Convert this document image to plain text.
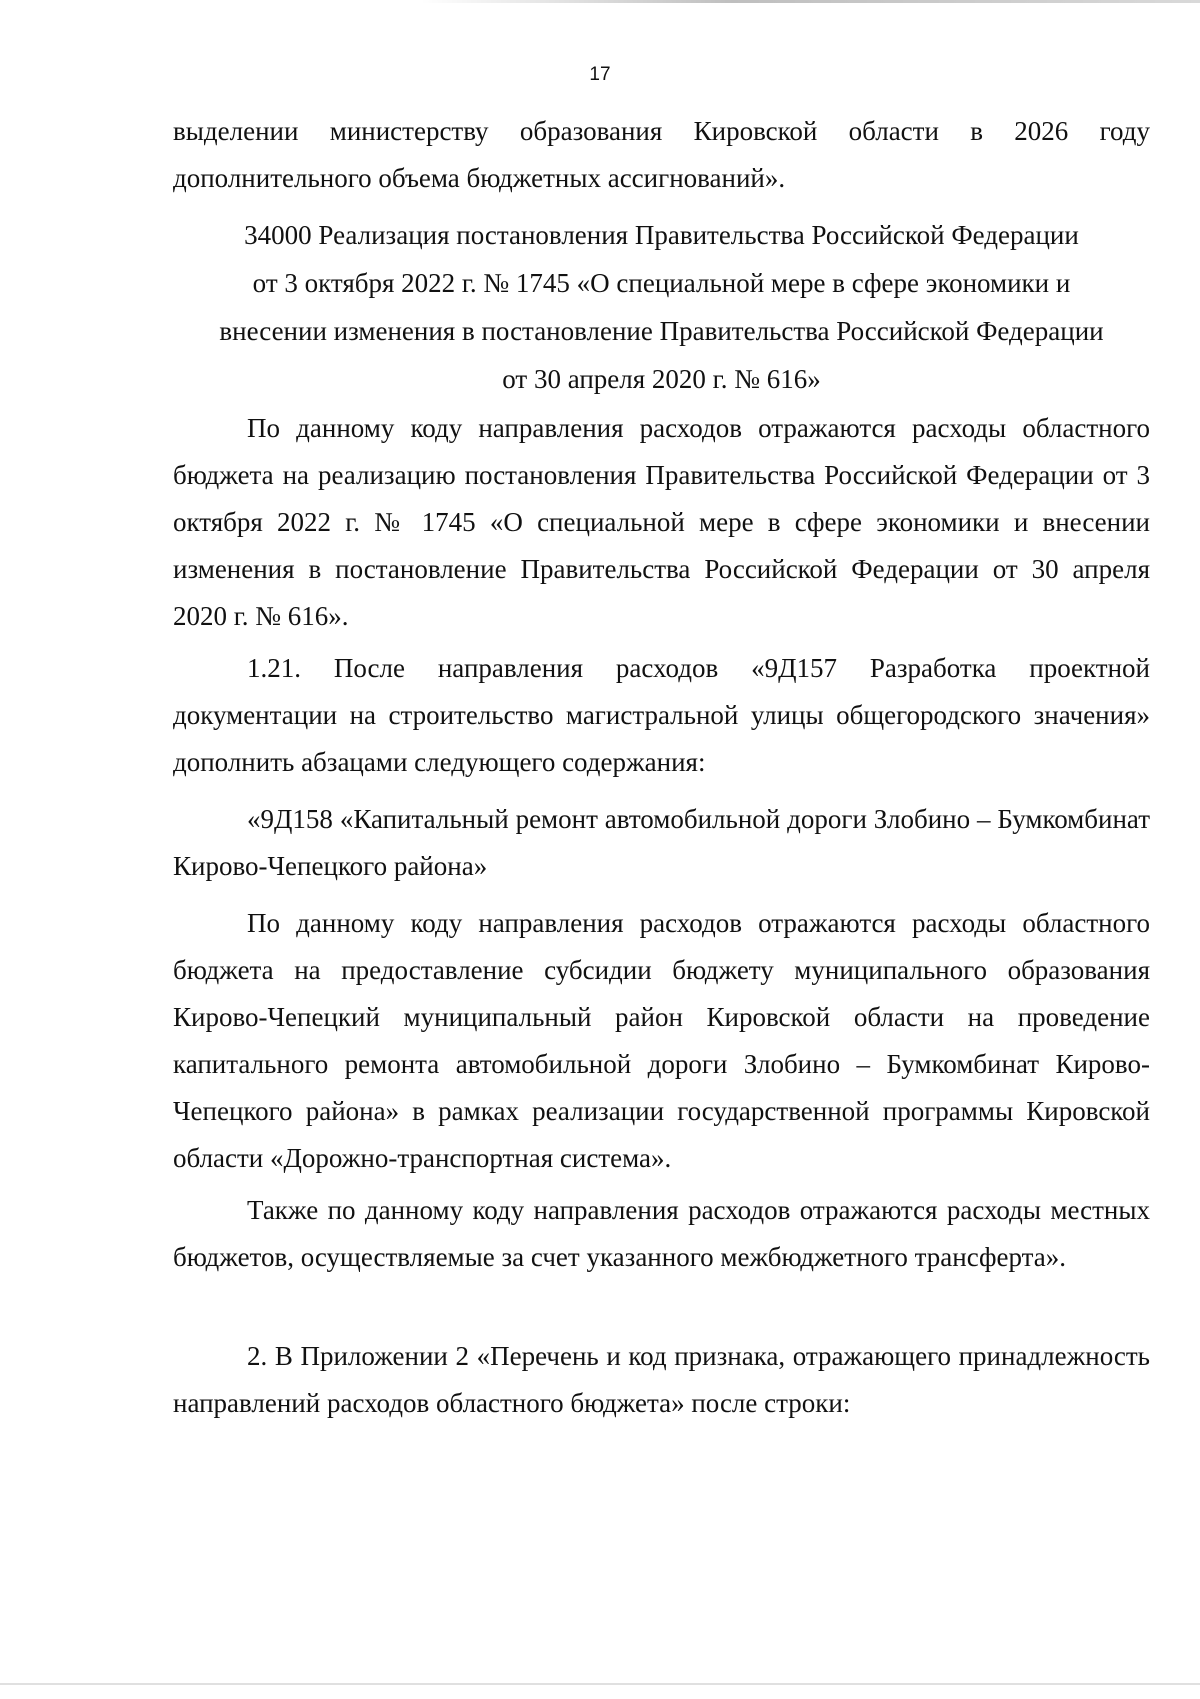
17
выделении министерству образования Кировской области в 2026 году дополнительного объема бюджетных ассигнований».
34000 Реализация постановления Правительства Российской Федерации
от 3 октября 2022 г. № 1745 «О специальной мере в сфере экономики и
внесении изменения в постановление Правительства Российской Федерации
от 30 апреля 2020 г. № 616»
По данному коду направления расходов отражаются расходы областного бюджета на реализацию постановления Правительства Российской Федерации от 3 октября 2022 г. № 1745 «О специальной мере в сфере экономики и внесении изменения в постановление Правительства Российской Федерации от 30 апреля 2020 г. № 616».
1.21. После направления расходов «9Д157 Разработка проектной документации на строительство магистральной улицы общегородского значения» дополнить абзацами следующего содержания:
«9Д158 «Капитальный ремонт автомобильной дороги Злобино – Бумкомбинат Кирово-Чепецкого района»
По данному коду направления расходов отражаются расходы областного бюджета на предоставление субсидии бюджету муниципального образования Кирово-Чепецкий муниципальный район Кировской области на проведение капитального ремонта автомобильной дороги Злобино – Бумкомбинат Кирово-Чепецкого района» в рамках реализации государственной программы Кировской области «Дорожно-транспортная система».
Также по данному коду направления расходов отражаются расходы местных бюджетов, осуществляемые за счет указанного межбюджетного трансферта».
2. В Приложении 2 «Перечень и код признака, отражающего принадлежность направлений расходов областного бюджета» после строки:
